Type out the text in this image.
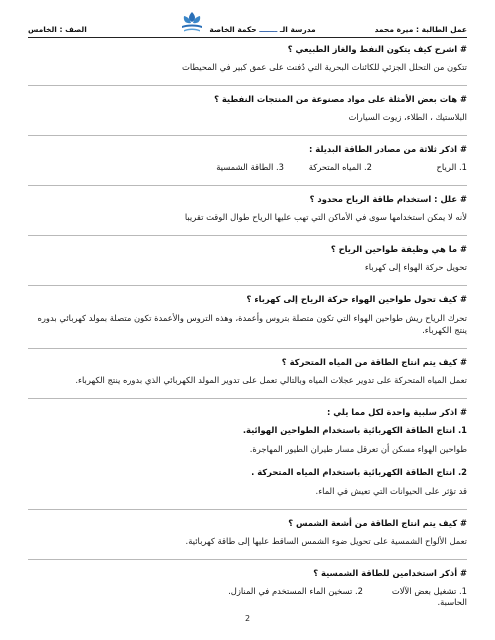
عمل الطالبة : ميرة محمد
مدرسة الـ ـــــــ حكمة الخاصة
الصف : الخامس
# اشرح كيف يتكون النفط والغاز الطبيعي ؟
تتكون من التحلل الجزئي للكائنات البحرية التي دُفنت على عمق كبير في المحيطات
# هات بعض الأمثلة على مواد مصنوعة من المنتجات النفطية ؟
البلاستيك ، الطلاء، زيوت السيارات
# اذكر ثلاثة من مصادر الطاقة البديلة :
1. الرياح
2. المياه المتحركة
3. الطاقة الشمسية
# علل : استخدام طاقة الرياح محدود ؟
لأنه لا يمكن استخدامها سوى في الأماكن التي تهب عليها الرياح طوال الوقت تقريبا
# ما هي وظيفة طواحين الرياح ؟
تحويل حركة الهواء إلى كهرباء
# كيف تحول طواحين الهواء حركة الرياح إلى كهرباء ؟
تحرك الرياح ريش طواحين الهواء التي تكون متصلة بتروس وأعمدة، وهذه التروس والأعمدة تكون متصلة بمولد كهربائي بدوره ينتج الكهرباء.
# كيف يتم انتاج الطاقة من المياه المتحركة ؟
تعمل المياه المتحركة على تدوير عجلات المياه وبالتالي تعمل على تدوير المولد الكهربائي الذي بدوره ينتج الكهرباء.
# اذكر سلبية واحدة لكل مما يلي :
1. انتاج الطاقة الكهربائية باستخدام الطواحين الهوائية.
طواحين الهواء مسكن أن تعرقل مسار طيران الطيور المهاجرة.
2. انتاج الطاقة الكهربائية باستخدام المياه المتحركة .
قد تؤثر على الحيوانات التي تعيش في الماء.
# كيف يتم انتاج الطاقة من أشعة الشمس ؟
تعمل الألواح الشمسية على تحويل ضوء الشمس الساقط عليها إلى طاقة كهربائية.
# أذكر استخدامين للطاقة الشمسية ؟
1. تشغيل بعض الآلات الحاسبة.
2. تسخين الماء المستخدم في المنازل.
2
